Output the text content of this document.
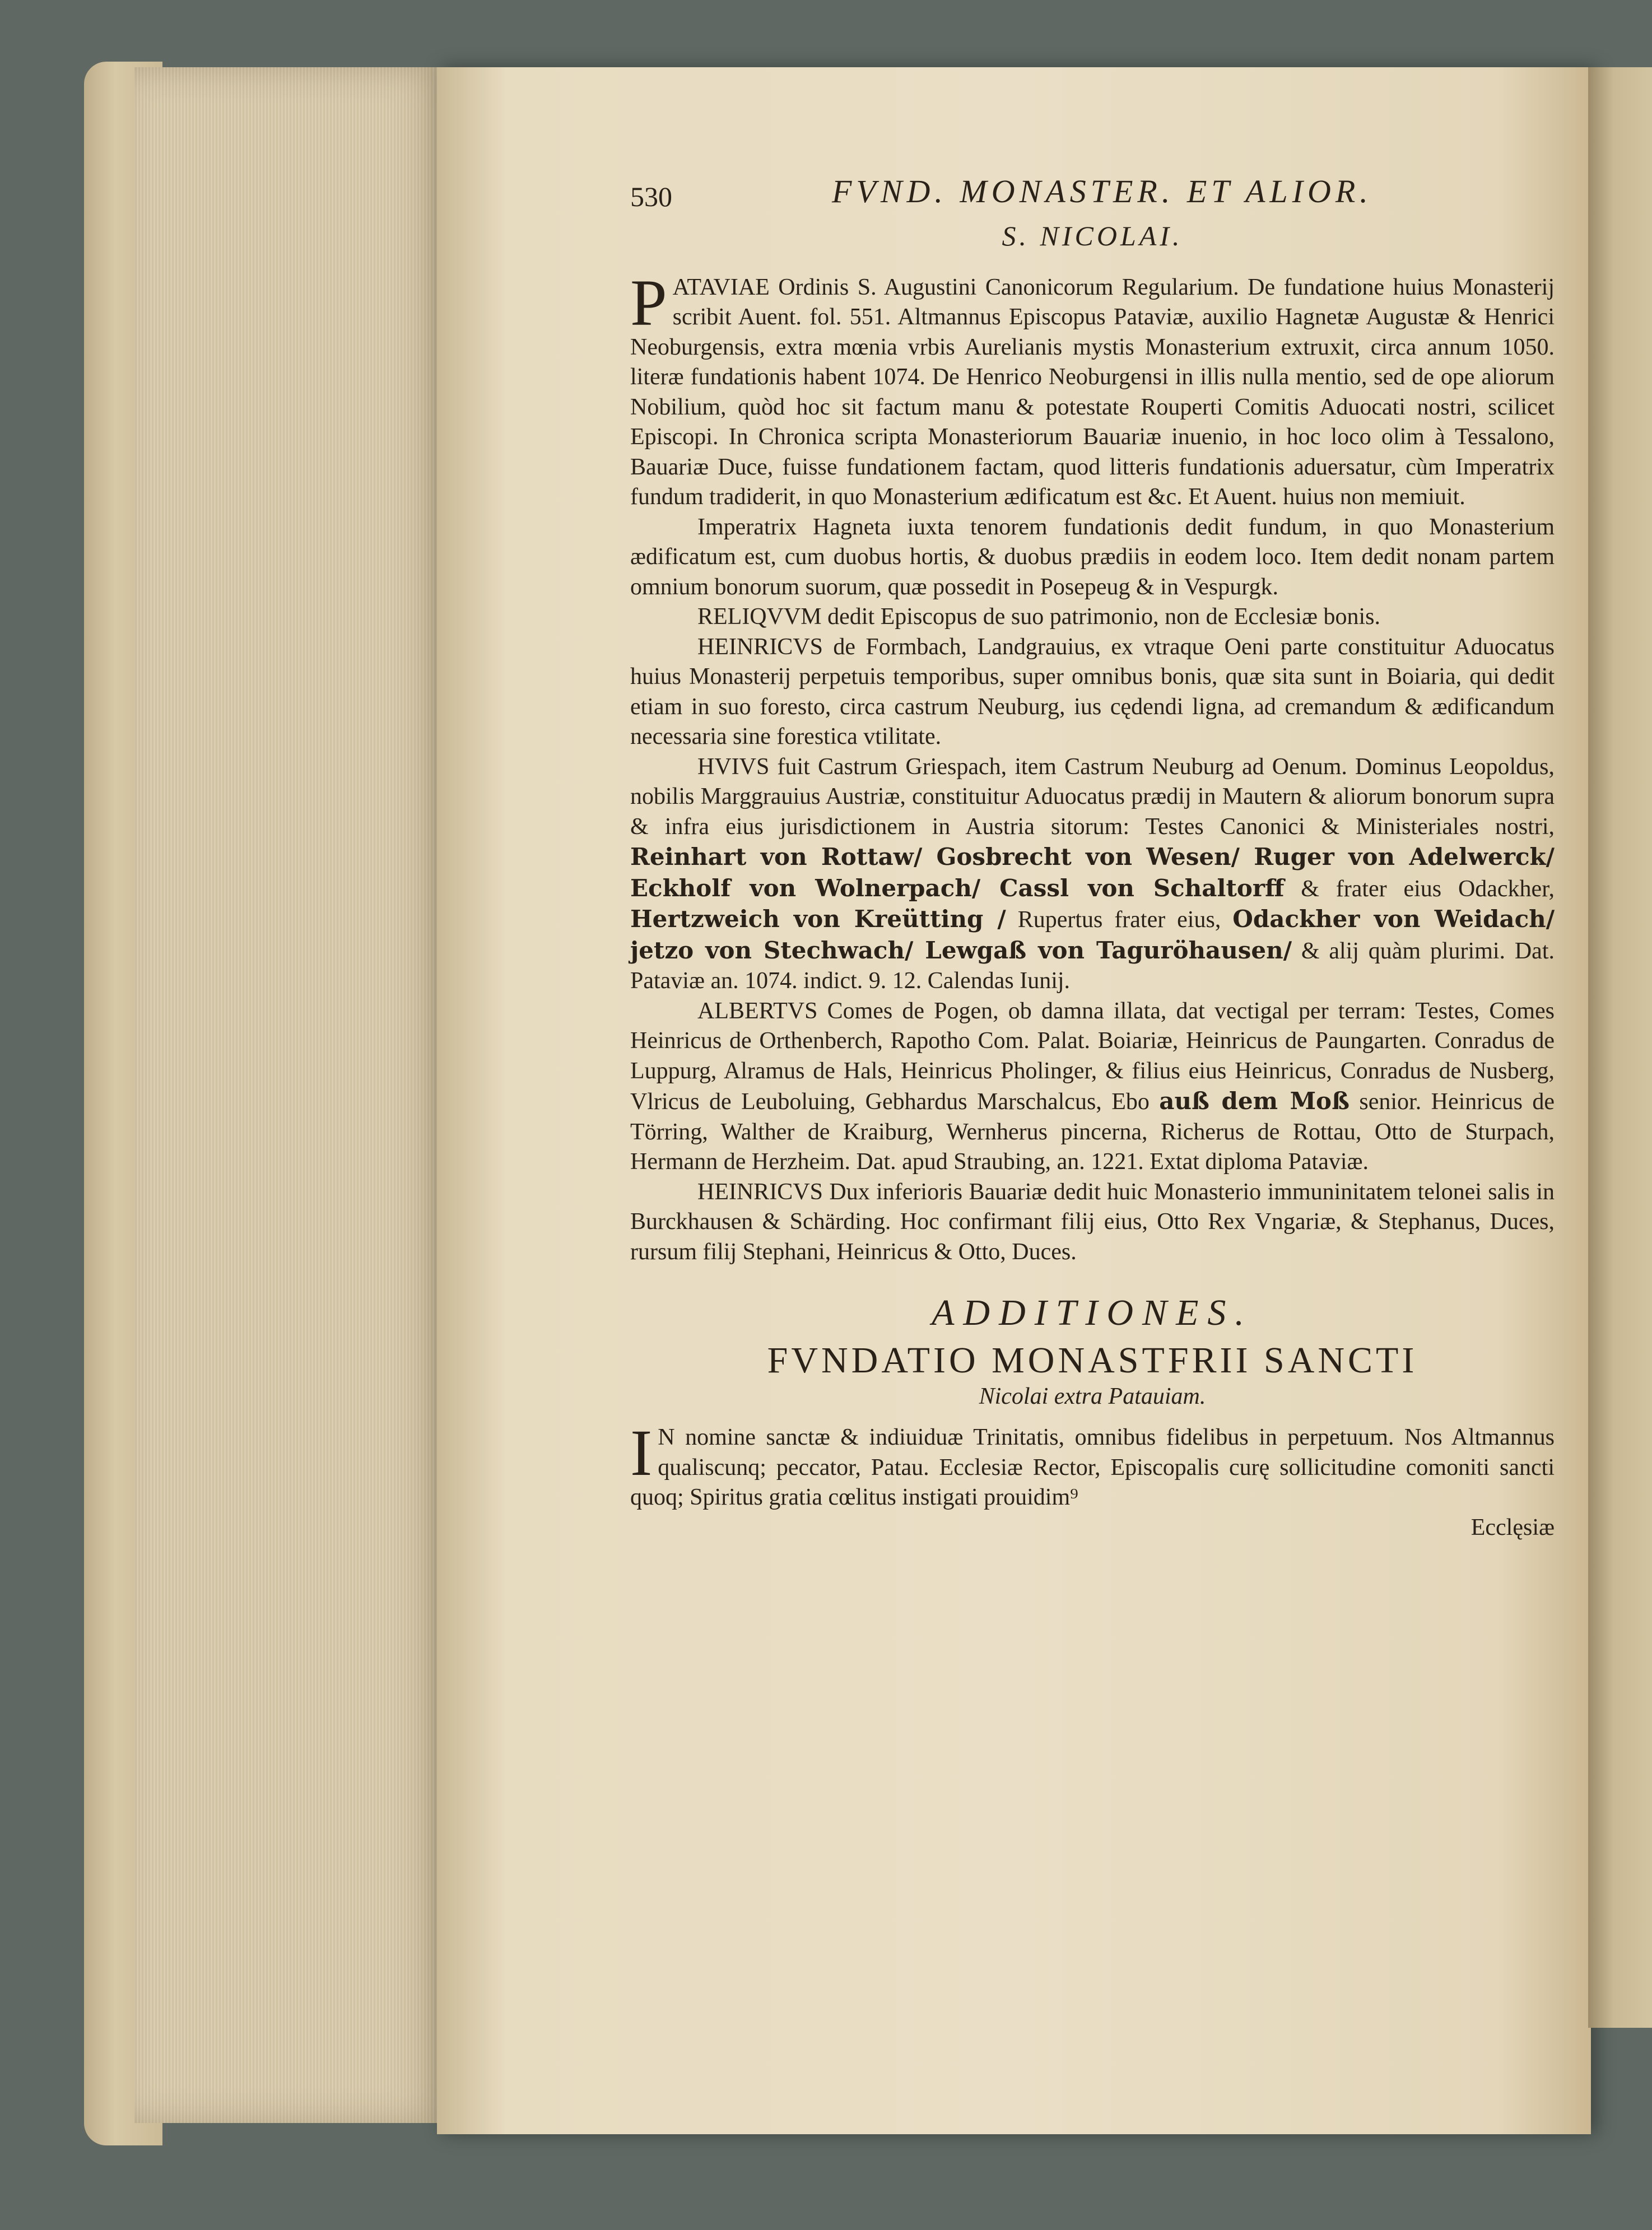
530	FVND. MONASTER. ET ALIOR.
S. NICOLAI.

PATAVIAE Ordinis S. Augustini Canonicorum Regularium. De fundatione huius Monasterij scribit Auent. fol. 551. Altmannus Episcopus Pataviæ, auxilio Hagnetæ Augustæ & Henrici Neoburgensis, extra mœnia vrbis Aurelianis mystis Monasterium extruxit, circa annum 1050. literæ fundationis habent 1074. De Henrico Neoburgensi in illis nulla mentio, sed de ope aliorum Nobilium, quòd hoc sit factum manu & potestate Rouperti Comitis Aduocati nostri, scilicet Episcopi. In Chronica scripta Monasteriorum Bauariæ inuenio, in hoc loco olim à Tessalono, Bauariæ Duce, fuisse fundationem factam, quod litteris fundationis aduersatur, cùm Imperatrix fundum tradiderit, in quo Monasterium ædificatum est &c. Et Auent. huius non memiuit.

Imperatrix Hagneta iuxta tenorem fundationis dedit fundum, in quo Monasterium ædificatum est, cum duobus hortis, & duobus prædiis in eodem loco. Item dedit nonam partem omnium bonorum suorum, quæ possedit in Posepeug & in Vespurgk.

RELIQVVM dedit Episcopus de suo patrimonio, non de Ecclesiæ bonis.

HEINRICVS de Formbach, Landgrauius, ex vtraque Oeni parte constituitur Aduocatus huius Monasterij perpetuis temporibus, super omnibus bonis, quæ sita sunt in Boiaria, qui dedit etiam in suo foresto, circa castrum Neuburg, ius cędendi ligna, ad cremandum & ædificandum necessaria sine forestica vtilitate.

HVIVS fuit Castrum Griespach, item Castrum Neuburg ad Oenum. Dominus Leopoldus, nobilis Marggrauius Austriæ, constituitur Aduocatus prædij in Mautern & aliorum bonorum supra & infra eius jurisdictionem in Austria sitorum: Testes Canonici & Ministeriales nostri, Reinhart von Rottaw/ Gosbrecht von Wesen/ Ruger von Adelwerck/ Eckholf von Wolnerpach/ Cassl von Schaltorff & frater eius Odackher, Hertzweich von Kreütting / Rupertus frater eius, Odackher von Weidach/ jetzo von Stechwach/ Lewgaß von Taguröhausen/ & alij quàm plurimi. Dat. Pataviæ an. 1074. indict. 9. 12. Calendas Iunij.

ALBERTVS Comes de Pogen, ob damna illata, dat vectigal per terram: Testes, Comes Heinricus de Orthenberch, Rapotho Com. Palat. Boiariæ, Heinricus de Paungarten. Conradus de Luppurg, Alramus de Hals, Heinricus Pholinger, & filius eius Heinricus, Conradus de Nusberg, Vlricus de Leuboluing, Gebhardus Marschalcus, Ebo auß dem Moß senior. Heinricus de Törring, Walther de Kraiburg, Wernherus pincerna, Richerus de Rottau, Otto de Sturpach, Hermann de Herzheim. Dat. apud Straubing, an. 1221. Extat diploma Pataviæ.

HEINRICVS Dux inferioris Bauariæ dedit huic Monasterio immuninitatem telonei salis in Burckhausen & Schärding. Hoc confirmant filij eius, Otto Rex Vngariæ, & Stephanus, Duces, rursum filij Stephani, Heinricus & Otto, Duces.

ADDITIONES.
FVNDATIO MONASTFRII SANCTI
Nicolai extra Patauiam.

I N nomine sanctæ & indiuiduæ Trinitatis, omnibus fidelibus in perpetuum. Nos Altmannus qualiscunq; peccator, Patau. Ecclesiæ Rector, Episcopalis curę sollicitudine comoniti sancti quoq; Spiritus gratia cœlitus instigati prouidim⁹

Ecclęsiæ
